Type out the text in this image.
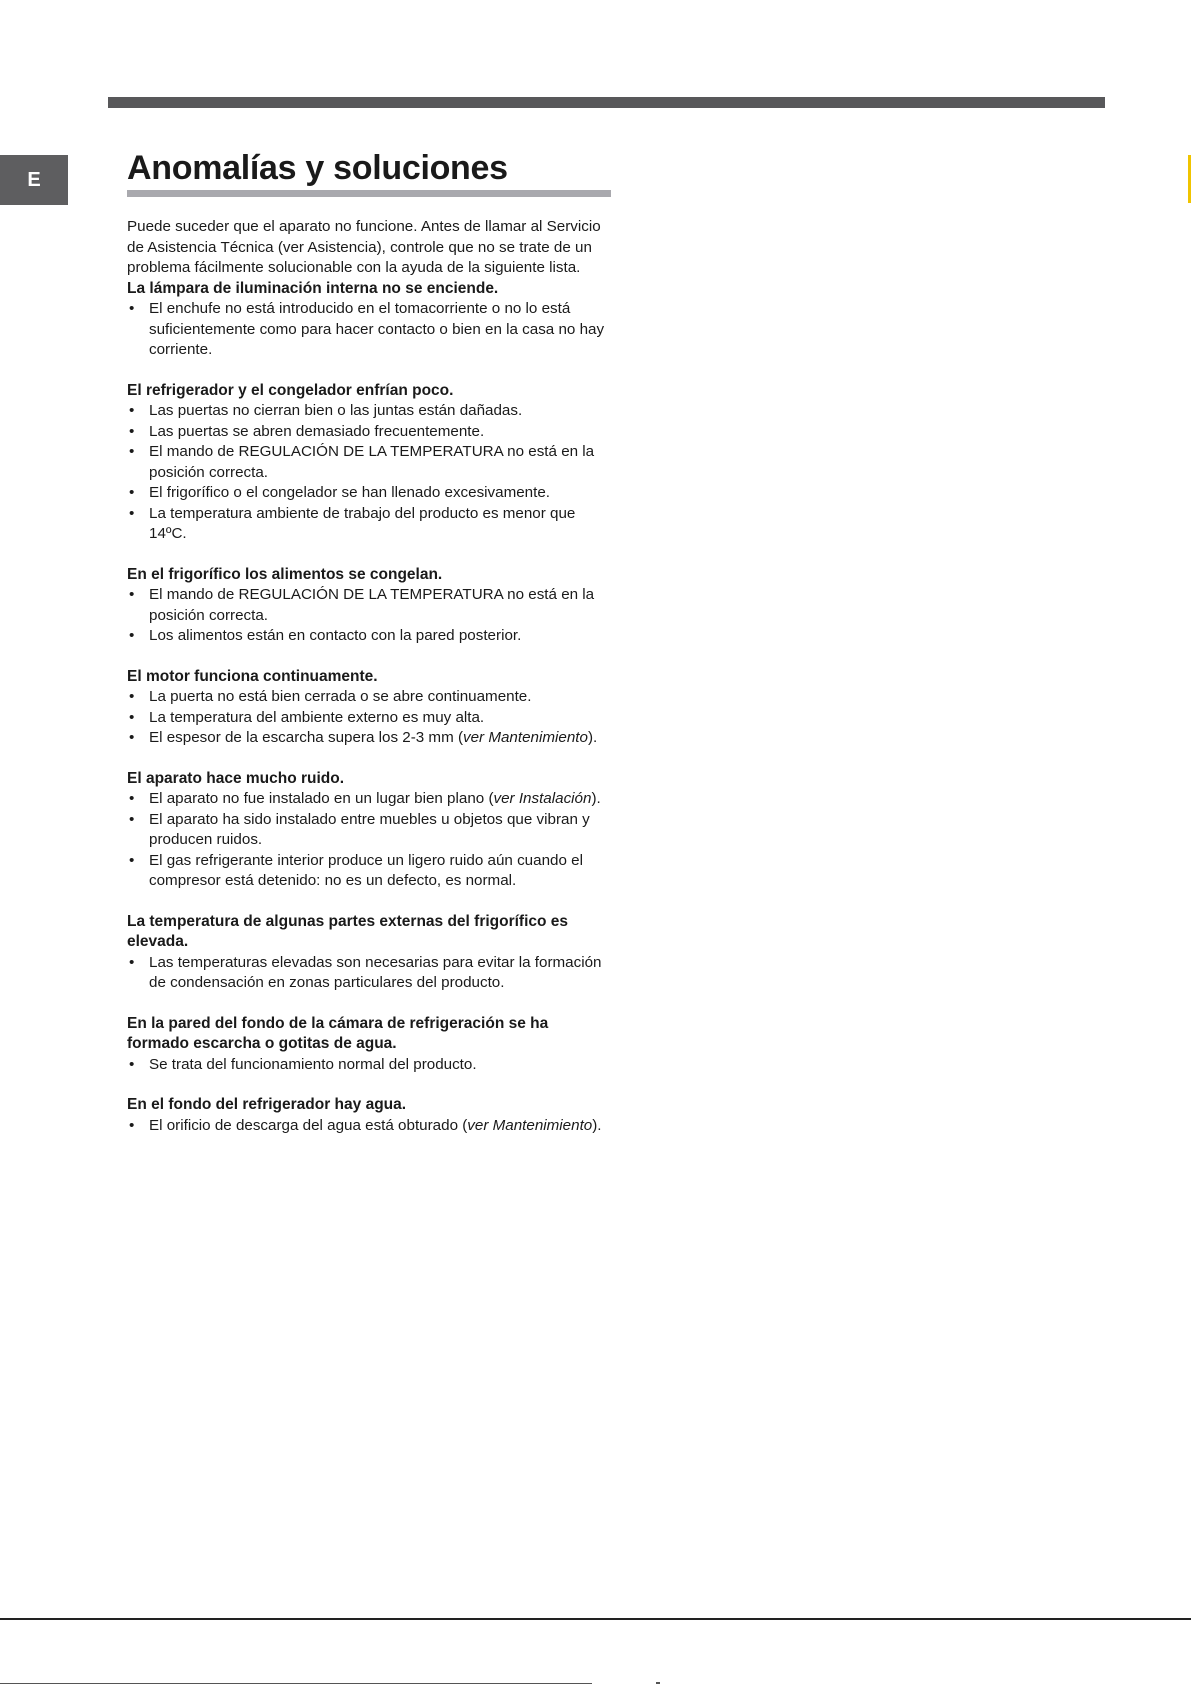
E	Anomalías y soluciones

Puede suceder que el aparato no funcione. Antes de llamar al Servicio de Asistencia Técnica (ver Asistencia), controle que no se trate de un problema fácilmente solucionable con la ayuda de la siguiente lista.

La lámpara de iluminación interna no se enciende.

• El enchufe no está introducido en el tomacorriente o no lo está suficientemente como para hacer contacto o bien en la casa no hay corriente.

El refrigerador y el congelador enfrían poco.

• Las puertas no cierran bien o las juntas están dañadas.
• Las puertas se abren demasiado frecuentemente.
• El mando de REGULACIÓN DE LA TEMPERATURA no está en la posición correcta.
• El frigorífico o el congelador se han llenado excesivamente.
• La temperatura ambiente de trabajo del producto es menor que 14ºC.

En el frigorífico los alimentos se congelan.

• El mando de REGULACIÓN DE LA TEMPERATURA no está en la posición correcta.
• Los alimentos están en contacto con la pared posterior.

El motor funciona continuamente.

• La puerta no está bien cerrada o se abre continuamente.
• La temperatura del ambiente externo es muy alta.
• El espesor de la escarcha supera los 2-3 mm (ver Mantenimiento).

El aparato hace mucho ruido.

• El aparato no fue instalado en un lugar bien plano (ver Instalación).
• El aparato ha sido instalado entre muebles u objetos que vibran y producen ruidos.
• El gas refrigerante interior produce un ligero ruido aún cuando el compresor está detenido: no es un defecto, es normal.

La temperatura de algunas partes externas del frigorífico es elevada.

• Las temperaturas elevadas son necesarias para evitar la formación de condensación en zonas particulares del producto.

En la pared del fondo de la cámara de refrigeración se ha formado escarcha o gotitas de agua.

• Se trata del funcionamiento normal del producto.

En el fondo del refrigerador hay agua.

• El orificio de descarga del agua está obturado (ver Mantenimiento).
